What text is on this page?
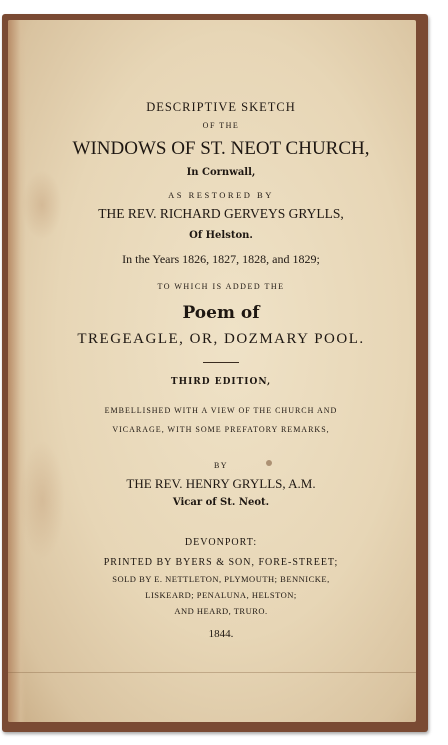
DESCRIPTIVE SKETCH
OF THE
WINDOWS OF ST. NEOT CHURCH,
In Cornwall,
AS RESTORED BY
THE REV. RICHARD GERVEYS GRYLLS,
Of Helston.
In the Years 1826, 1827, 1828, and 1829;
TO WHICH IS ADDED THE
Poem of
TREGEAGLE, OR, DOZMARY POOL.
THIRD EDITION,
EMBELLISHED WITH A VIEW OF THE CHURCH AND
VICARAGE, WITH SOME PREFATORY REMARKS,
BY
THE REV. HENRY GRYLLS, A.M.
Vicar of St. Neot.
DEVONPORT:
PRINTED BY BYERS & SON, FORE-STREET;
SOLD BY E. NETTLETON, PLYMOUTH; BENNICKE,
LISKEARD; PENALUNA, HELSTON;
AND HEARD, TRURO.
1844.
